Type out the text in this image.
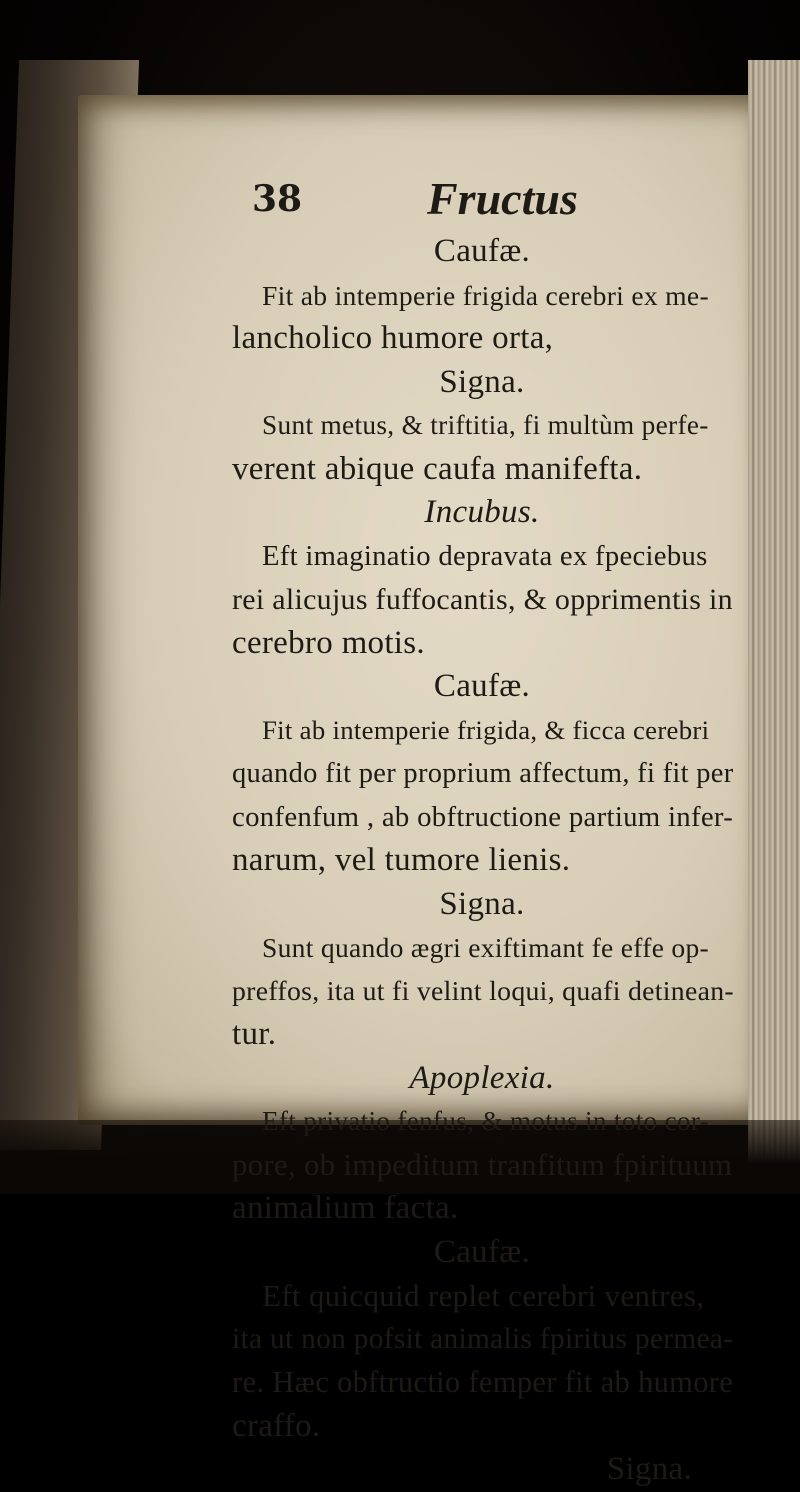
38	Fructus
Caufæ.
Fit ab intemperie frigida cerebri ex me-
lancholico humore orta,
Signa.
Sunt metus, & triftitia, fi multùm perfe-
verent abique caufa manifefta.
Incubus.
Eft imaginatio depravata ex fpeciebus
rei alicujus fuffocantis, & opprimentis in
cerebro motis.
Caufæ.
Fit ab intemperie frigida, & ficca cerebri
quando fit per proprium affectum, fi fit per
confenfum , ab obftructione partium infer-
narum, vel tumore lienis.
Signa.
Sunt quando ægri exiftimant fe effe op-
preffos, ita ut fi velint loqui, quafi detinean-
tur.
Apoplexia.
Eft privatio fenfus, & motus in toto cor-
pore, ob impeditum tranfitum fpirituum
animalium facta.
Caufæ.
Eft quicquid replet cerebri ventres,
ita ut non pofsit animalis fpiritus permea-
re. Hæc obftructio femper fit ab humore
craffo.
Signa.
